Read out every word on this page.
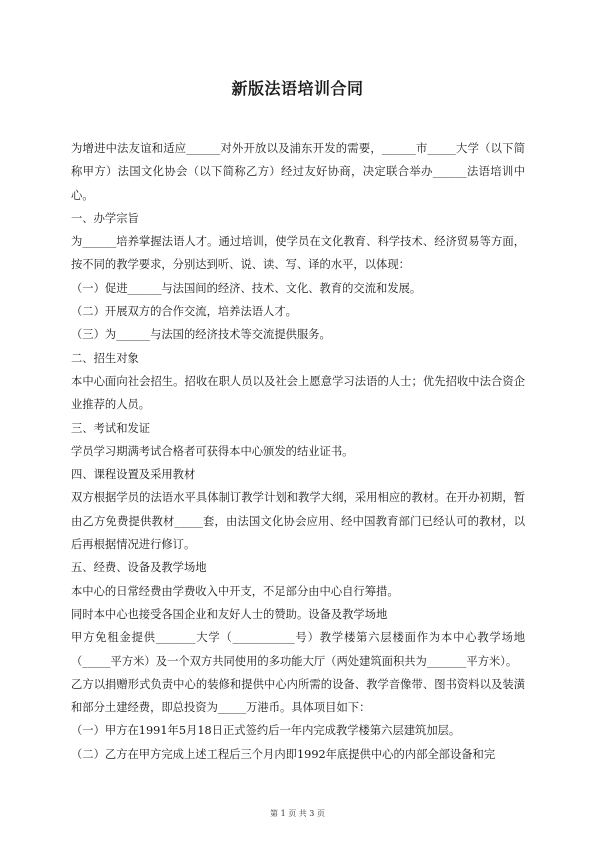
新版法语培训合同

为增进中法友谊和适应______对外开放以及浦东开发的需要，______市_____大学（以下简称甲方）法国文化协会（以下简称乙方）经过友好协商，决定联合举办______法语培训中心。

一、办学宗旨

为______培养掌握法语人才。通过培训，使学员在文化教育、科学技术、经济贸易等方面，按不同的教学要求，分别达到听、说、读、写、译的水平，以体现：

（一）促进______与法国间的经济、技术、文化、教育的交流和发展。

（二）开展双方的合作交流，培养法语人才。

（三）为______与法国的经济技术等交流提供服务。

二、招生对象

本中心面向社会招生。招收在职人员以及社会上愿意学习法语的人士；优先招收中法合资企业推荐的人员。

三、考试和发证

学员学习期满考试合格者可获得本中心颁发的结业证书。

四、课程设置及采用教材

双方根据学员的法语水平具体制订教学计划和教学大纲，采用相应的教材。在开办初期，暂由乙方免费提供教材_____套，由法国文化协会应用、经中国教育部门已经认可的教材，以后再根据情况进行修订。

五、经费、设备及教学场地

本中心的日常经费由学费收入中开支，不足部分由中心自行筹措。

同时本中心也接受各国企业和友好人士的赞助。设备及教学场地

甲方免租金提供_______大学（___________号）教学楼第六层楼面作为本中心教学场地（_____平方米）及一个双方共同使用的多功能大厅（两处建筑面积共为_______平方米）。

乙方以捐赠形式负责中心的装修和提供中心内所需的设备、教学音像带、图书资料以及装潢和部分土建经费，即总投资为_____万港币。具体项目如下：

（一）甲方在1991年5月18日正式签约后一年内完成教学楼第六层建筑加层。

（二）乙方在甲方完成上述工程后三个月内即1992年底提供中心的内部全部设备和完

第 1 页 共 3 页
